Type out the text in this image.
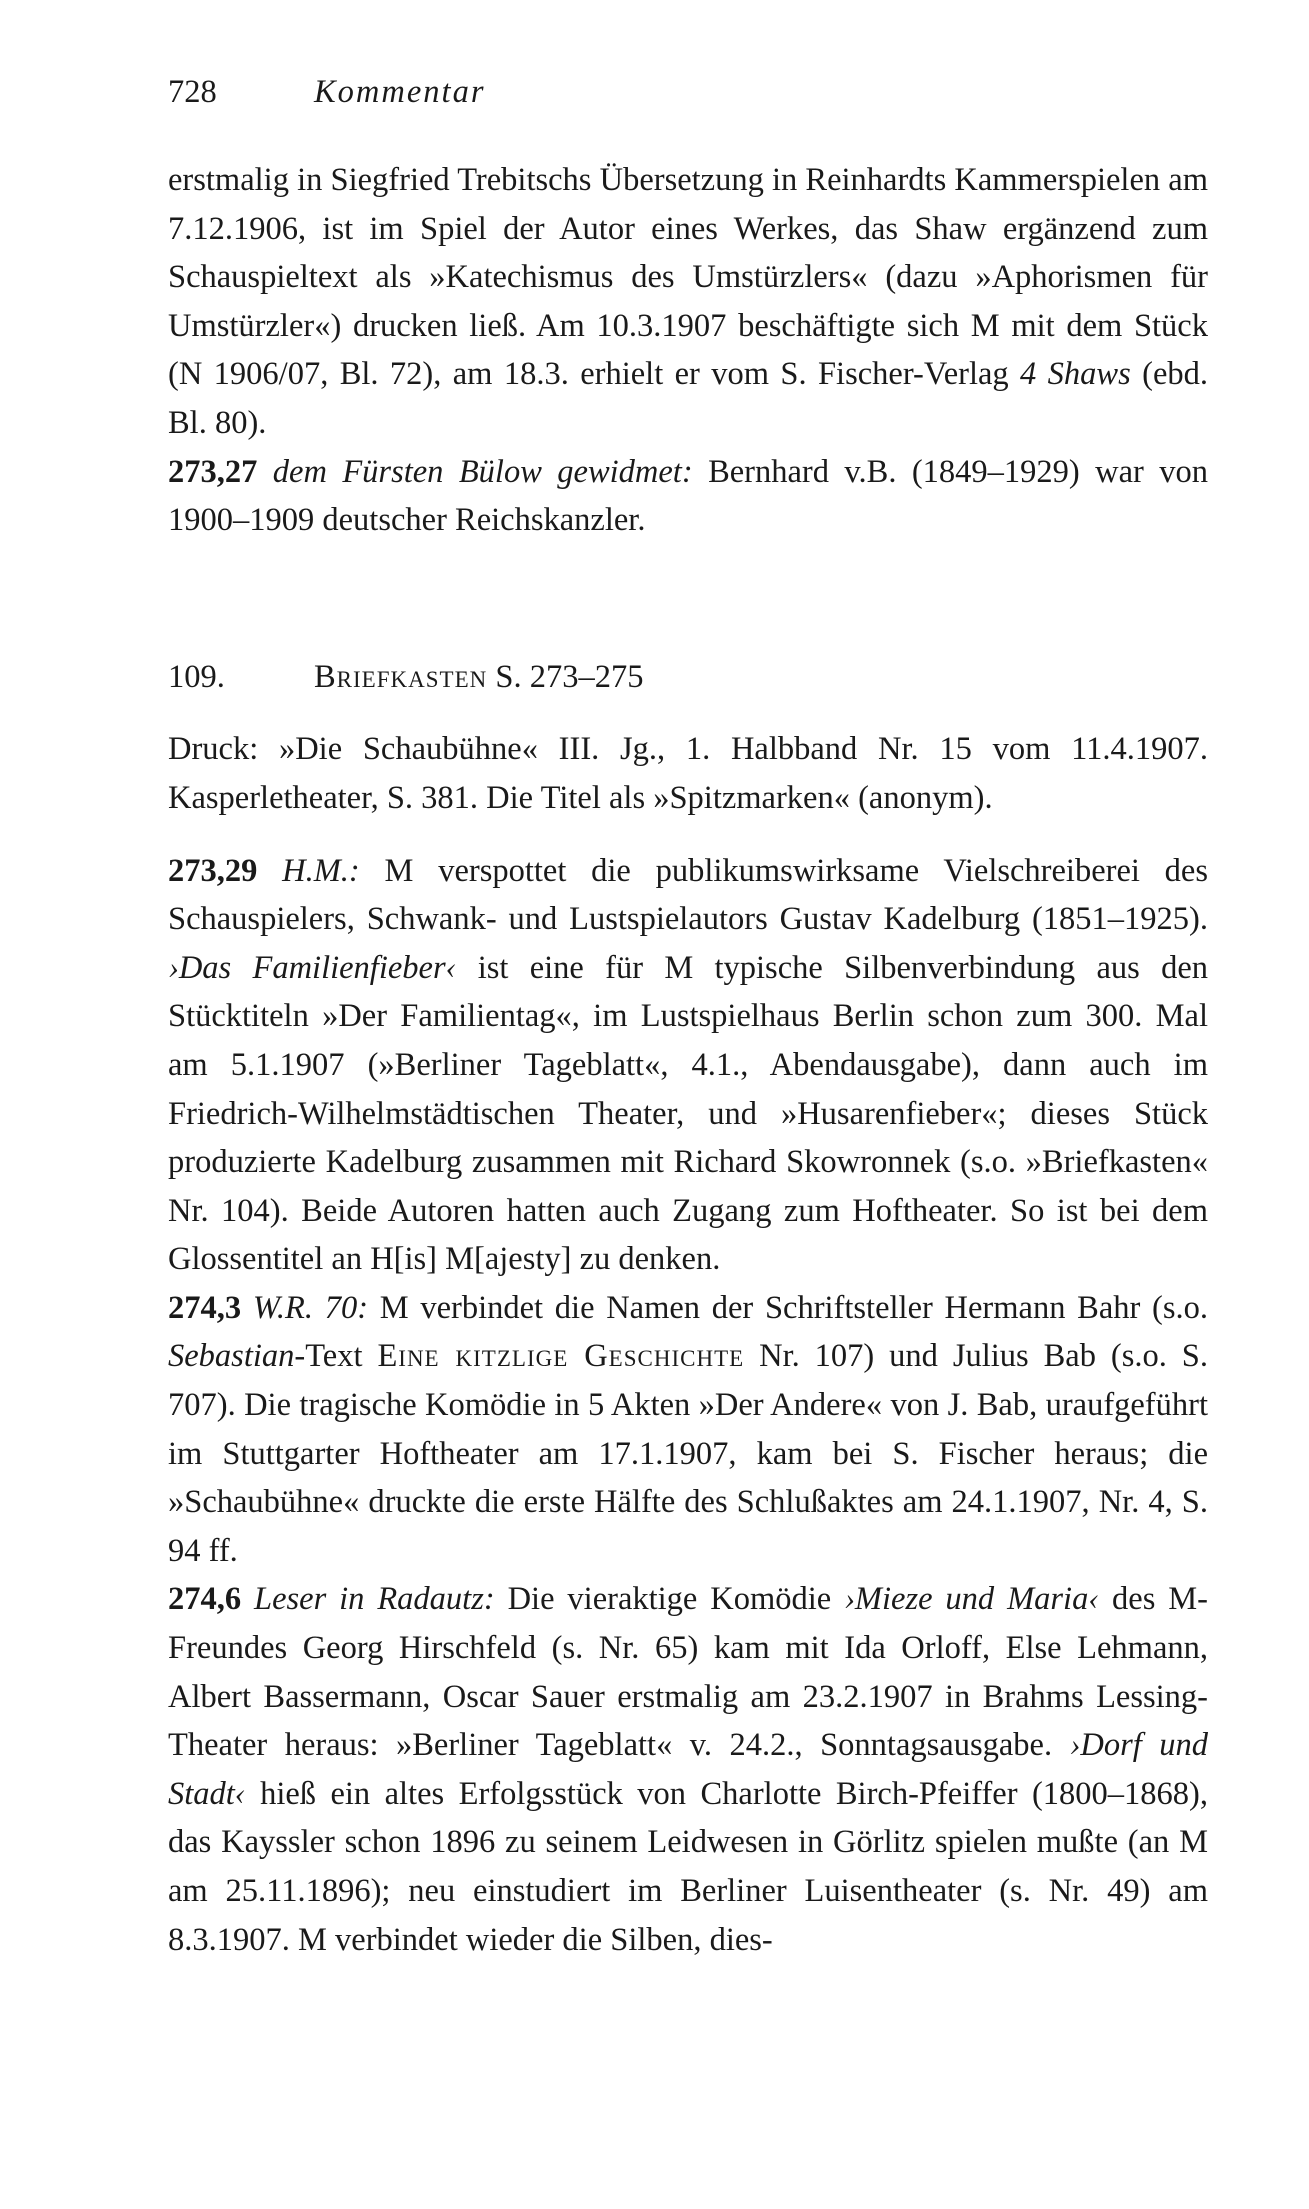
728	Kommentar

erstmalig in Siegfried Trebitschs Übersetzung in Reinhardts Kammerspielen am 7.12.1906, ist im Spiel der Autor eines Werkes, das Shaw ergänzend zum Schauspieltext als »Katechismus des Umstürzlers« (dazu »Aphorismen für Umstürzler«) drucken ließ. Am 10.3.1907 beschäftigte sich M mit dem Stück (N 1906/07, Bl. 72), am 18.3. erhielt er vom S. Fischer-Verlag 4 Shaws (ebd. Bl. 80).

273,27 dem Fürsten Bülow gewidmet: Bernhard v.B. (1849–1929) war von 1900–1909 deutscher Reichskanzler.

109.	Briefkasten S. 273–275

Druck: »Die Schaubühne« III. Jg., 1. Halbband Nr. 15 vom 11.4.1907. Kasperletheater, S. 381. Die Titel als »Spitzmarken« (anonym).

273,29 H.M.: M verspottet die publikumswirksame Vielschreiberei des Schauspielers, Schwank- und Lustspielautors Gustav Kadelburg (1851–1925). ›Das Familienfieber‹ ist eine für M typische Silbenverbindung aus den Stücktiteln »Der Familientag«, im Lustspielhaus Berlin schon zum 300. Mal am 5.1.1907 (»Berliner Tageblatt«, 4.1., Abendausgabe), dann auch im Friedrich-Wilhelmstädtischen Theater, und »Husarenfieber«; dieses Stück produzierte Kadelburg zusammen mit Richard Skowronnek (s.o. »Briefkasten« Nr. 104). Beide Autoren hatten auch Zugang zum Hoftheater. So ist bei dem Glossentitel an H[is] M[ajesty] zu denken.

274,3 W.R. 70: M verbindet die Namen der Schriftsteller Hermann Bahr (s.o. Sebastian-Text Eine kitzlige Geschichte Nr. 107) und Julius Bab (s.o. S. 707). Die tragische Komödie in 5 Akten »Der Andere« von J. Bab, uraufgeführt im Stuttgarter Hoftheater am 17.1.1907, kam bei S. Fischer heraus; die »Schaubühne« druckte die erste Hälfte des Schlußaktes am 24.1.1907, Nr. 4, S. 94 ff.

274,6 Leser in Radautz: Die vieraktige Komödie ›Mieze und Maria‹ des M-Freundes Georg Hirschfeld (s. Nr. 65) kam mit Ida Orloff, Else Lehmann, Albert Bassermann, Oscar Sauer erstmalig am 23.2.1907 in Brahms Lessing-Theater heraus: »Berliner Tageblatt« v. 24.2., Sonntagsausgabe. ›Dorf und Stadt‹ hieß ein altes Erfolgsstück von Charlotte Birch-Pfeiffer (1800–1868), das Kayssler schon 1896 zu seinem Leidwesen in Görlitz spielen mußte (an M am 25.11.1896); neu einstudiert im Berliner Luisentheater (s. Nr. 49) am 8.3.1907. M verbindet wieder die Silben, dies-
